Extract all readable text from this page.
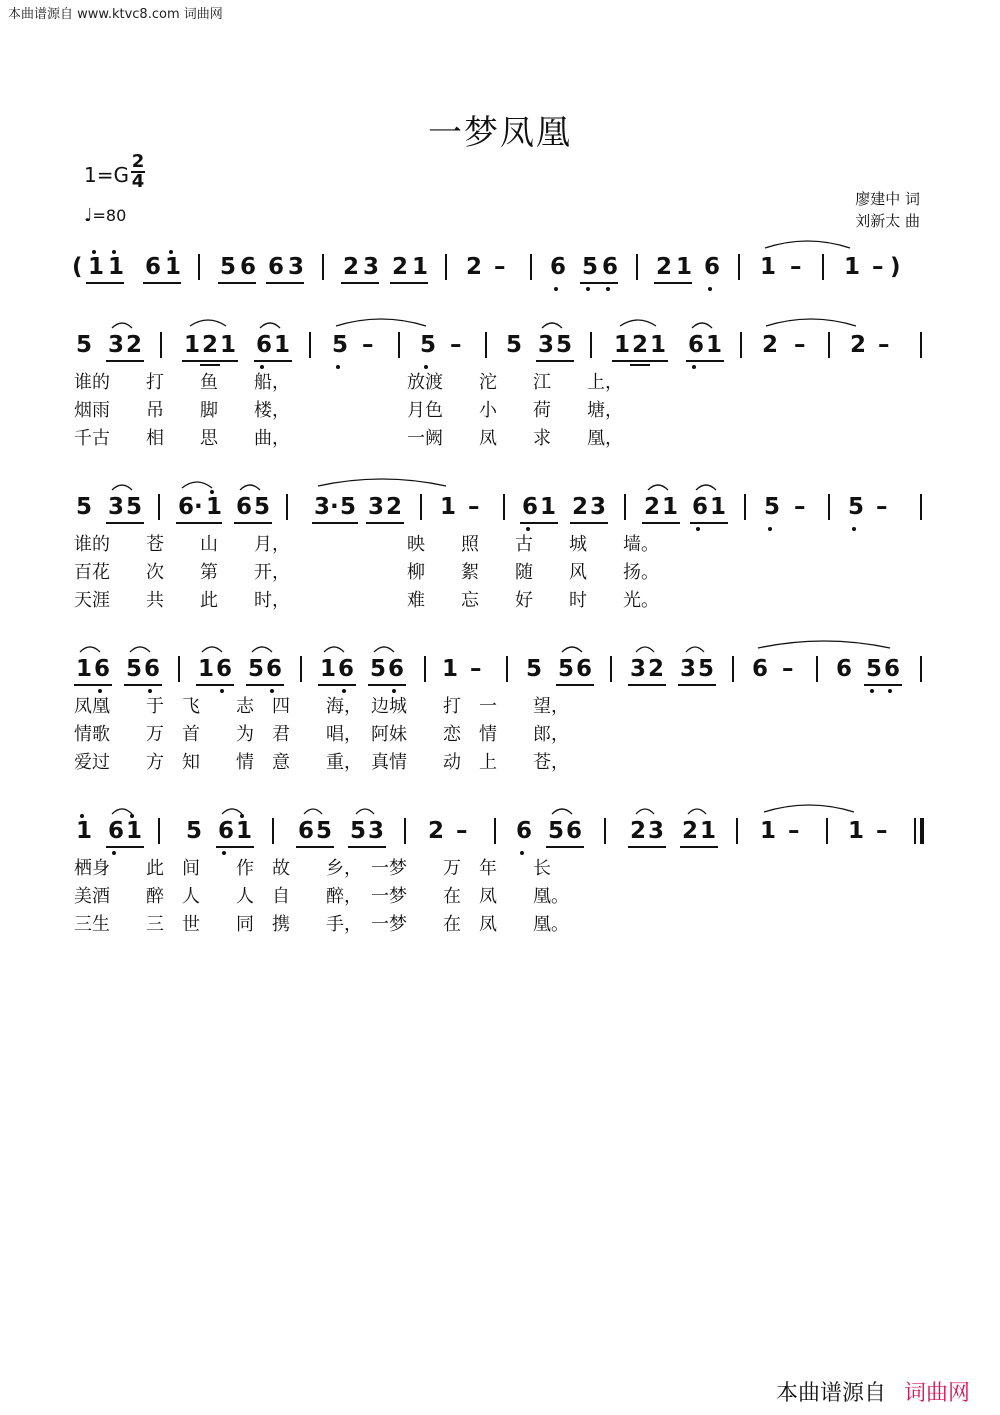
本曲谱源自 www.ktvc8.com 词曲网
一梦凤凰
1=G
2
4
♩=80
廖建中 词
刘新太 曲
( 1 1 6 1 5 6 6 3 2 3 2 1 2 – 6 5 6 2 1 6 1 – 1 – )
5 3 2 1 2 1 6 1 5 – 5 – 5 3 5 1 2 1 6 1 2 – 2 –
5 3 5 6 · 1 6 5 3 · 5 3 2 1 – 6 1 2 3 2 1 6 1 5 – 5 –
1 6 5 6 1 6 5 6 1 6 5 6 1 – 5 5 6 3 2 3 5 6 – 6 5 6
1 6 1 5 6 1 6 5 5 3 2 – 6 5 6 2 3 2 1 1 – 1 –
谁的　　打　　鱼　　船，　　　　　　　放渡　　沱　　江　　上，
烟雨　　吊　　脚　　楼，　　　　　　　月色　　小　　荷　　塘，
千古　　相　　思　　曲，　　　　　　　一阙　　凤　　求　　凰，
谁的　　苍　　山　　月，　　　　　　　映　　照　　古　　城　　墙。
百花　　次　　第　　开，　　　　　　　柳　　絮　　随　　风　　扬。
天涯　　共　　此　　时，　　　　　　　难　　忘　　好　　时　　光。
凤凰　　于　飞　　志　四　　海，　边城　　打　一　　望，
情歌　　万　首　　为　君　　唱，　阿妹　　恋　情　　郎，
爱过　　方　知　　情　意　　重，　真情　　动　上　　苍，
栖身　　此　间　　作　故　　乡，　一梦　　万　年　　长
美酒　　醉　人　　人　自　　醉，　一梦　　在　凤　　凰。
三生　　三　世　　同　携　　手，　一梦　　在　凤　　凰。
本曲谱源自 词曲网
